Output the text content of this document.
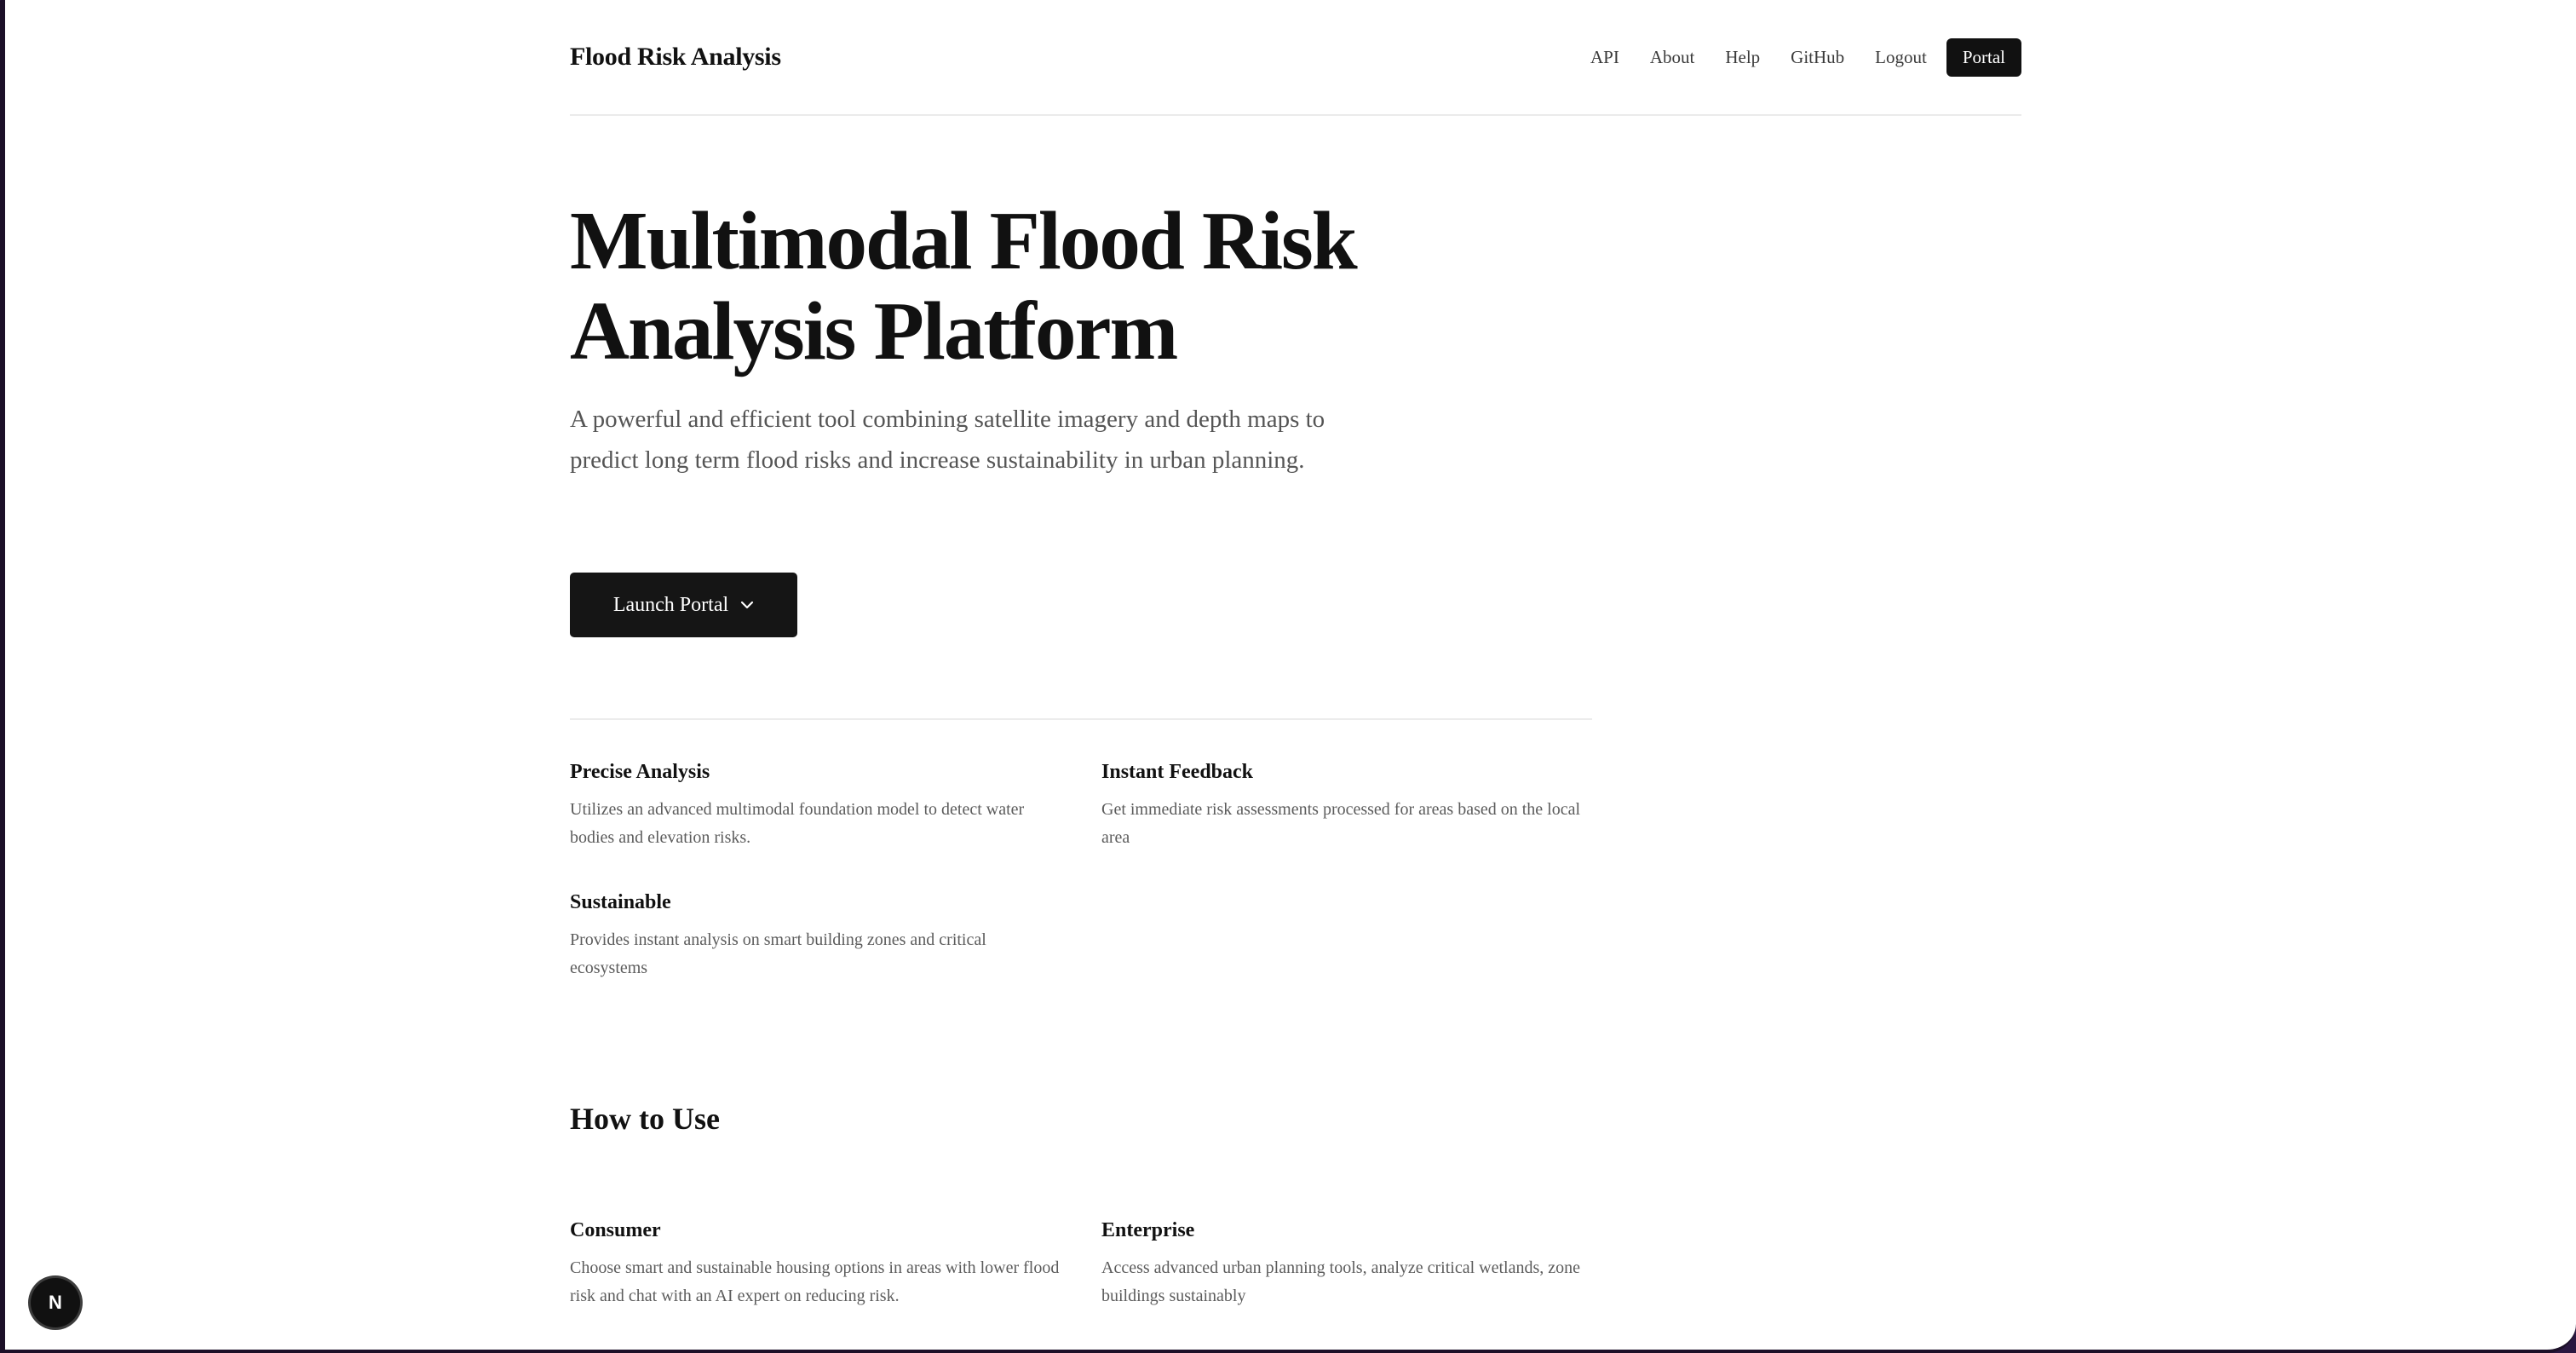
Flood Risk Analysis	API About Help GitHub Logout	Portal
Multimodal Flood Risk
Analysis Platform

A powerful and efficient tool combining satellite imagery and depth maps to predict long term flood risks and increase sustainability in urban planning.

Launch Portal
Precise Analysis

Utilizes an advanced multimodal foundation model to detect water bodies and elevation risks.

Instant Feedback

Get immediate risk assessments processed for areas based on the local area

Sustainable

Provides instant analysis on smart building zones and critical ecosystems

How to Use
Consumer

Choose smart and sustainable housing options in areas with lower flood risk and chat with an AI expert on reducing risk.

Enterprise

Access advanced urban planning tools, analyze critical wetlands, zone buildings sustainably

N
